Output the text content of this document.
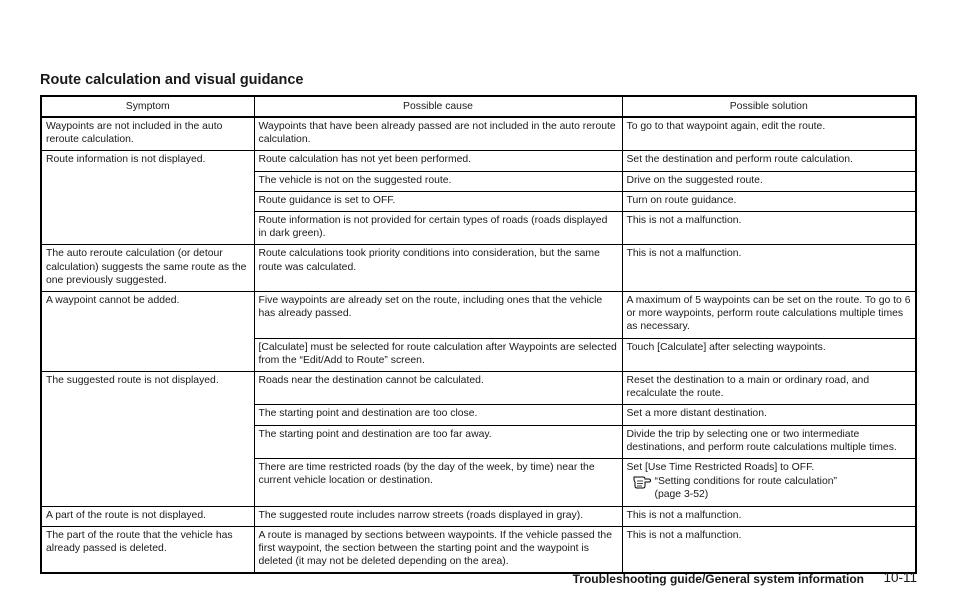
Route calculation and visual guidance
Symptom	Possible cause	Possible solution
Waypoints are not included in the auto reroute calculation.	Waypoints that have been already passed are not included in the auto reroute calculation.	To go to that waypoint again, edit the route.
Route information is not displayed.	Route calculation has not yet been performed.	Set the destination and perform route calculation.
	The vehicle is not on the suggested route.	Drive on the suggested route.
	Route guidance is set to OFF.	Turn on route guidance.
	Route information is not provided for certain types of roads (roads displayed in dark green).	This is not a malfunction.
The auto reroute calculation (or detour calculation) suggests the same route as the one previously suggested.	Route calculations took priority conditions into consideration, but the same route was calculated.	This is not a malfunction.
A waypoint cannot be added.	Five waypoints are already set on the route, including ones that the vehicle has already passed.	A maximum of 5 waypoints can be set on the route. To go to 6 or more waypoints, perform route calculations multiple times as necessary.
	[Calculate] must be selected for route calculation after Waypoints are selected from the “Edit/Add to Route” screen.	Touch [Calculate] after selecting waypoints.
The suggested route is not displayed.	Roads near the destination cannot be calculated.	Reset the destination to a main or ordinary road, and recalculate the route.
	The starting point and destination are too close.	Set a more distant destination.
	The starting point and destination are too far away.	Divide the trip by selecting one or two intermediate destinations, and perform route calculations multiple times.
	There are time restricted roads (by the day of the week, by time) near the current vehicle location or destination.	Set [Use Time Restricted Roads] to OFF.
“Setting conditions for route calculation”
(page 3-52)

A part of the route is not displayed.	The suggested route includes narrow streets (roads displayed in gray).	This is not a malfunction.
The part of the route that the vehicle has already passed is deleted.	A route is managed by sections between waypoints. If the vehicle passed the first waypoint, the section between the starting point and the waypoint is deleted (it may not be deleted depending on the area).	This is not a malfunction.
Troubleshooting guide/General system information 10-11
